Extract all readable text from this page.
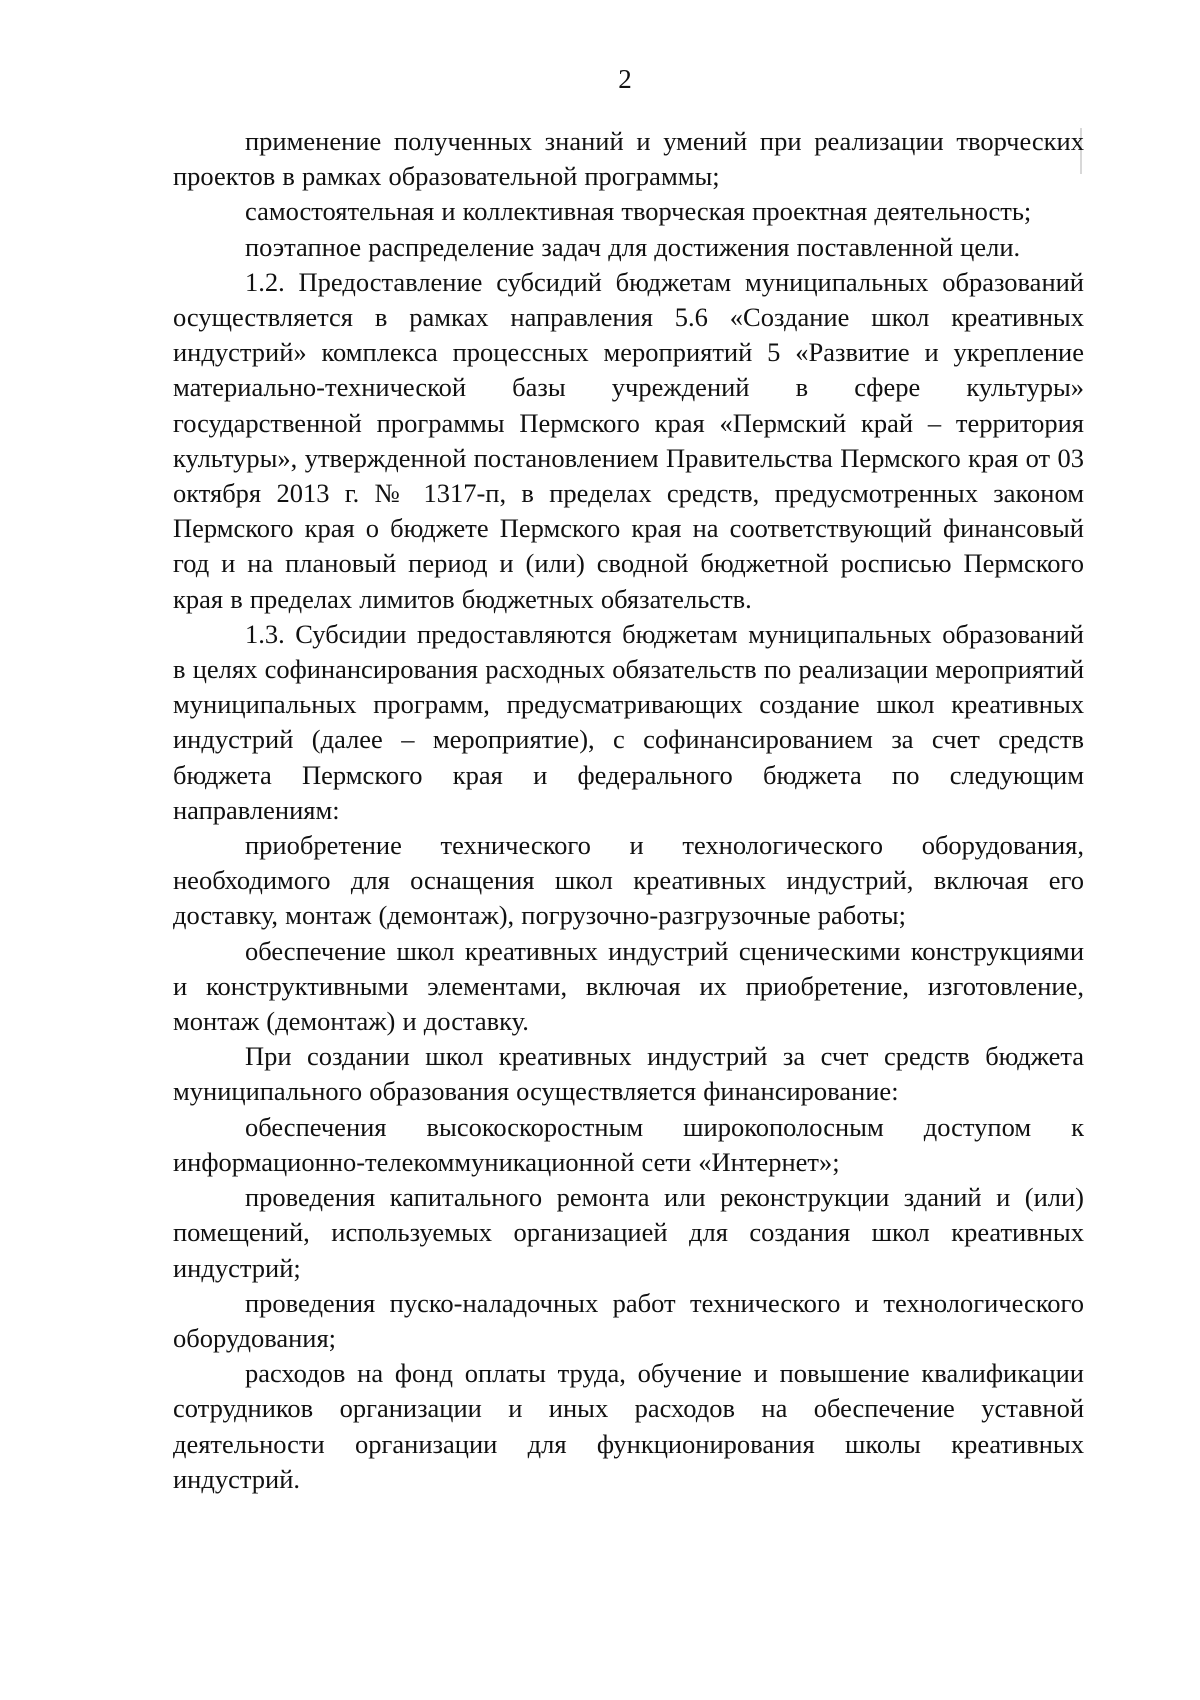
2

применение полученных знаний и умений при реализации творческих проектов в рамках образовательной программы;

самостоятельная и коллективная творческая проектная деятельность;

поэтапное распределение задач для достижения поставленной цели.

1.2. Предоставление субсидий бюджетам муниципальных образований осуществляется в рамках направления 5.6 «Создание школ креативных индустрий» комплекса процессных мероприятий 5 «Развитие и укрепление материально-технической базы учреждений в сфере культуры» государственной программы Пермского края «Пермский край – территория культуры», утвержденной постановлением Правительства Пермского края от 03 октября 2013 г. № 1317-п, в пределах средств, предусмотренных законом Пермского края о бюджете Пермского края на соответствующий финансовый год и на плановый период и (или) сводной бюджетной росписью Пермского края в пределах лимитов бюджетных обязательств.

1.3. Субсидии предоставляются бюджетам муниципальных образований в целях софинансирования расходных обязательств по реализации мероприятий муниципальных программ, предусматривающих создание школ креативных индустрий (далее – мероприятие), с софинансированием за счет средств бюджета Пермского края и федерального бюджета по следующим направлениям:

приобретение технического и технологического оборудования, необходимого для оснащения школ креативных индустрий, включая его доставку, монтаж (демонтаж), погрузочно-разгрузочные работы;

обеспечение школ креативных индустрий сценическими конструкциями и конструктивными элементами, включая их приобретение, изготовление, монтаж (демонтаж) и доставку.

При создании школ креативных индустрий за счет средств бюджета муниципального образования осуществляется финансирование:

обеспечения высокоскоростным широкополосным доступом к информационно-телекоммуникационной сети «Интернет»;

проведения капитального ремонта или реконструкции зданий и (или) помещений, используемых организацией для создания школ креативных индустрий;

проведения пуско-наладочных работ технического и технологического оборудования;

расходов на фонд оплаты труда, обучение и повышение квалификации сотрудников организации и иных расходов на обеспечение уставной деятельности организации для функционирования школы креативных индустрий.
